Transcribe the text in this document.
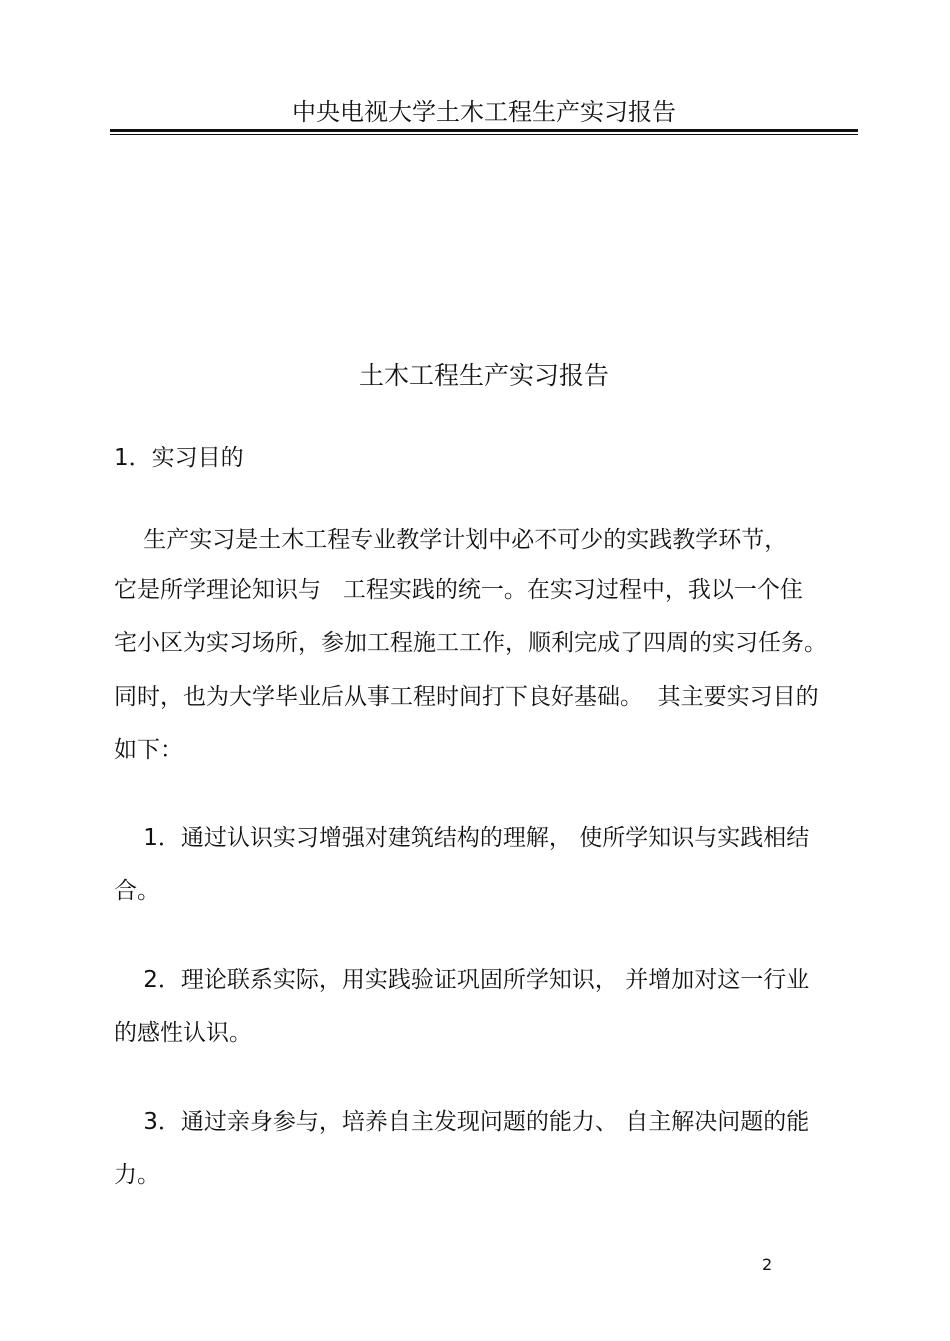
中央电视大学土木工程生产实习报告
土木工程生产实习报告
1．实习目的
生产实习是土木工程专业教学计划中必不可少的实践教学环节，
它是所学理论知识与   工程实践的统一。在实习过程中，我以一个住
宅小区为实习场所，参加工程施工工作，顺利完成了四周的实习任务。
同时，也为大学毕业后从事工程时间打下良好基础。  其主要实习目的
如下：
1．通过认识实习增强对建筑结构的理解， 使所学知识与实践相结
合。
2．理论联系实际，用实践验证巩固所学知识， 并增加对这一行业
的感性认识。
3．通过亲身参与，培养自主发现问题的能力、 自主解决问题的能
力。
2
